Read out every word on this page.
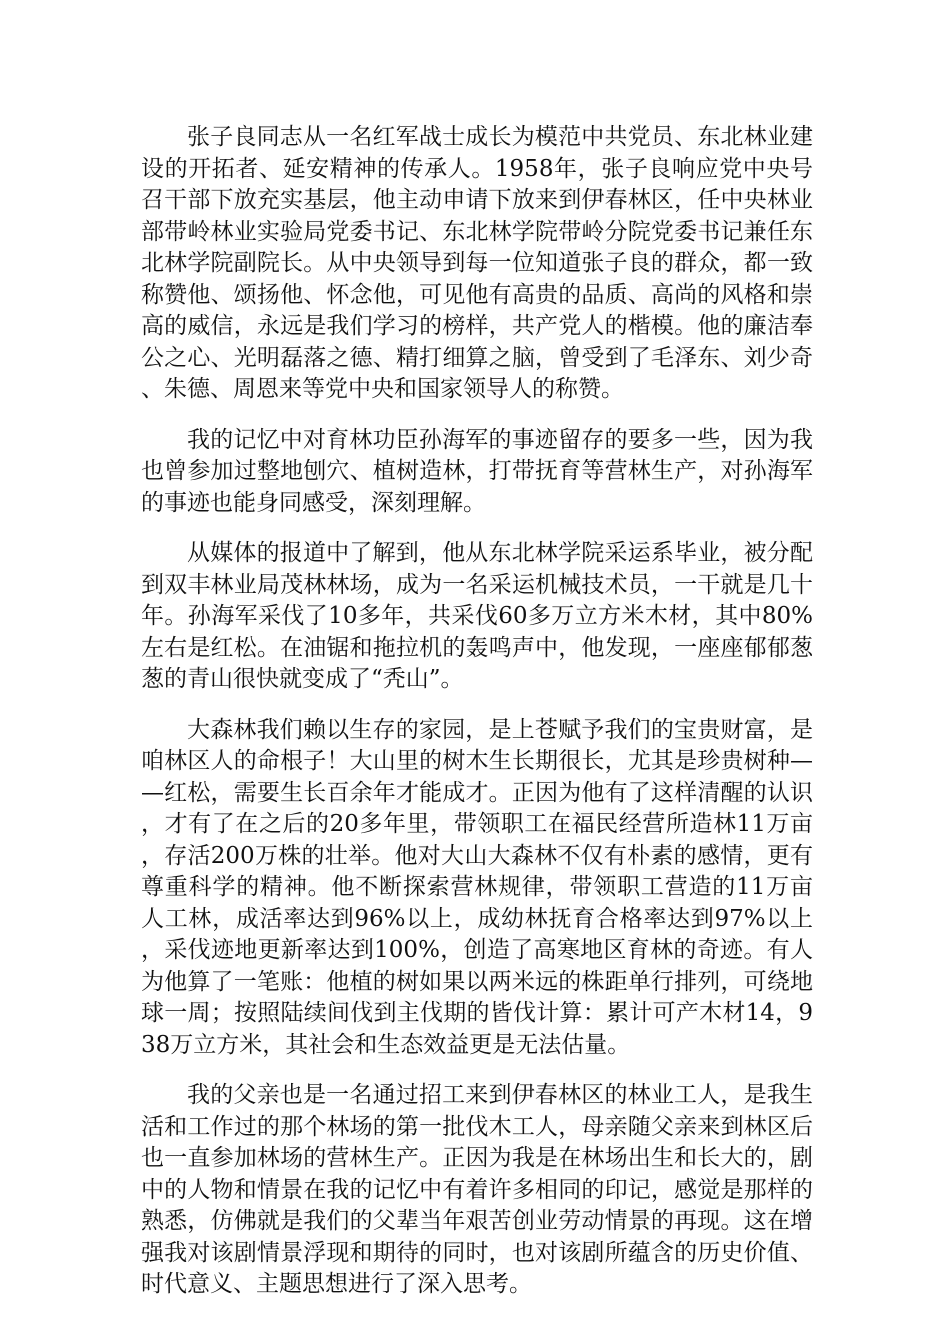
张子良同志从一名红军战士成长为模范中共党员、东北林业建设的开拓者、延安精神的传承人。1958年，张子良响应党中央号召干部下放充实基层，他主动申请下放来到伊春林区，任中央林业部带岭林业实验局党委书记、东北林学院带岭分院党委书记兼任东北林学院副院长。从中央领导到每一位知道张子良的群众，都一致称赞他、颂扬他、怀念他，可见他有高贵的品质、高尚的风格和崇高的威信，永远是我们学习的榜样，共产党人的楷模。他的廉洁奉公之心、光明磊落之德、精打细算之脑，曾受到了毛泽东、刘少奇、朱德、周恩来等党中央和国家领导人的称赞。

我的记忆中对育林功臣孙海军的事迹留存的要多一些，因为我也曾参加过整地刨穴、植树造林，打带抚育等营林生产，对孙海军的事迹也能身同感受，深刻理解。

从媒体的报道中了解到，他从东北林学院采运系毕业，被分配到双丰林业局茂林林场，成为一名采运机械技术员，一干就是几十年。孙海军采伐了10多年，共采伐60多万立方米木材，其中80%左右是红松。在油锯和拖拉机的轰鸣声中，他发现，一座座郁郁葱葱的青山很快就变成了“秃山”。

大森林我们赖以生存的家园，是上苍赋予我们的宝贵财富，是咱林区人的命根子！大山里的树木生长期很长，尤其是珍贵树种——红松，需要生长百余年才能成才。正因为他有了这样清醒的认识，才有了在之后的20多年里，带领职工在福民经营所造林11万亩，存活200万株的壮举。他对大山大森林不仅有朴素的感情，更有尊重科学的精神。他不断探索营林规律，带领职工营造的11万亩人工林，成活率达到96%以上，成幼林抚育合格率达到97%以上，采伐迹地更新率达到100%，创造了高寒地区育林的奇迹。有人为他算了一笔账：他植的树如果以两米远的株距单行排列，可绕地球一周；按照陆续间伐到主伐期的皆伐计算：累计可产木材14，938万立方米，其社会和生态效益更是无法估量。

我的父亲也是一名通过招工来到伊春林区的林业工人，是我生活和工作过的那个林场的第一批伐木工人，母亲随父亲来到林区后也一直参加林场的营林生产。正因为我是在林场出生和长大的，剧中的人物和情景在我的记忆中有着许多相同的印记，感觉是那样的熟悉，仿佛就是我们的父辈当年艰苦创业劳动情景的再现。这在增强我对该剧情景浮现和期待的同时，也对该剧所蕴含的历史价值、时代意义、主题思想进行了深入思考。
